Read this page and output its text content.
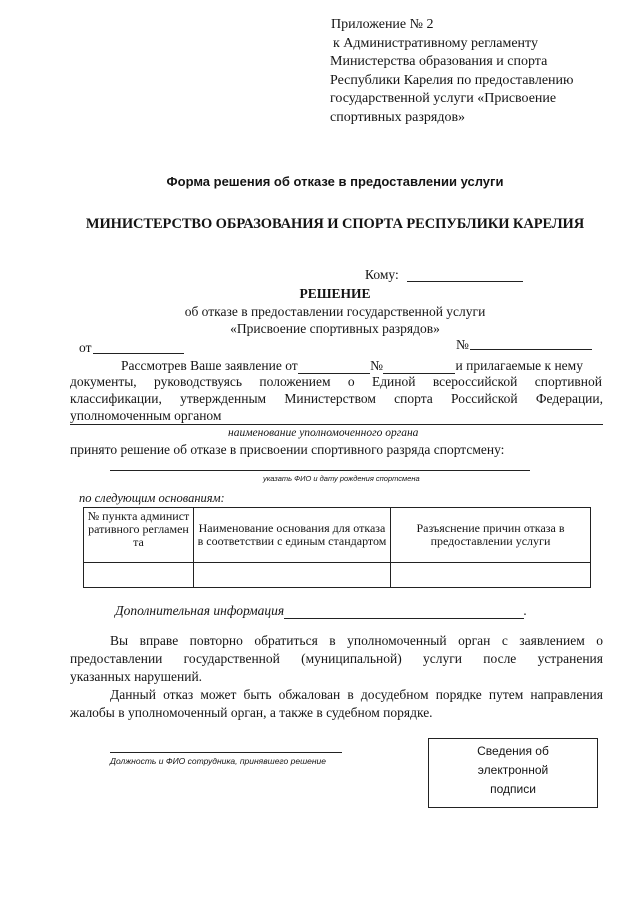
Приложение № 2
к Административному регламенту
Министерства образования и спорта
Республики Карелия по предоставлению
государственной услуги «Присвоение
спортивных разрядов»
Форма решения об отказе в предоставлении услуги
МИНИСТЕРСТВО ОБРАЗОВАНИЯ И СПОРТА РЕСПУБЛИКИ КАРЕЛИЯ
Кому:
РЕШЕНИЕ
об отказе в предоставлении государственной услуги
«Присвоение спортивных разрядов»
от	№
Рассмотрев Ваше заявление от	№	и прилагаемые к нему
документы, руководствуясь положением о Единой всероссийской спортивной
классификации, утвержденным Министерством спорта Российской Федерации,
уполномоченным органом
наименование уполномоченного органа
принято решение об отказе в присвоении спортивного разряда спортсмену:
указать ФИО и дату рождения спортсмена
по следующим основаниям:
№ пункта административного регламента	Наименование основания для отказа в соответствии с единым стандартом	Разъяснение причин отказа в предоставлении услуги

Дополнительная информация	.
Вы вправе повторно обратиться в уполномоченный орган с заявлением о
предоставлении государственной (муниципальной) услуги после устранения
указанных нарушений.
Данный отказ может быть обжалован в досудебном порядке путем направления
жалобы в уполномоченный орган, а также в судебном порядке.
Должность и ФИО сотрудника, принявшего решение
Сведения об
электронной
подписи
